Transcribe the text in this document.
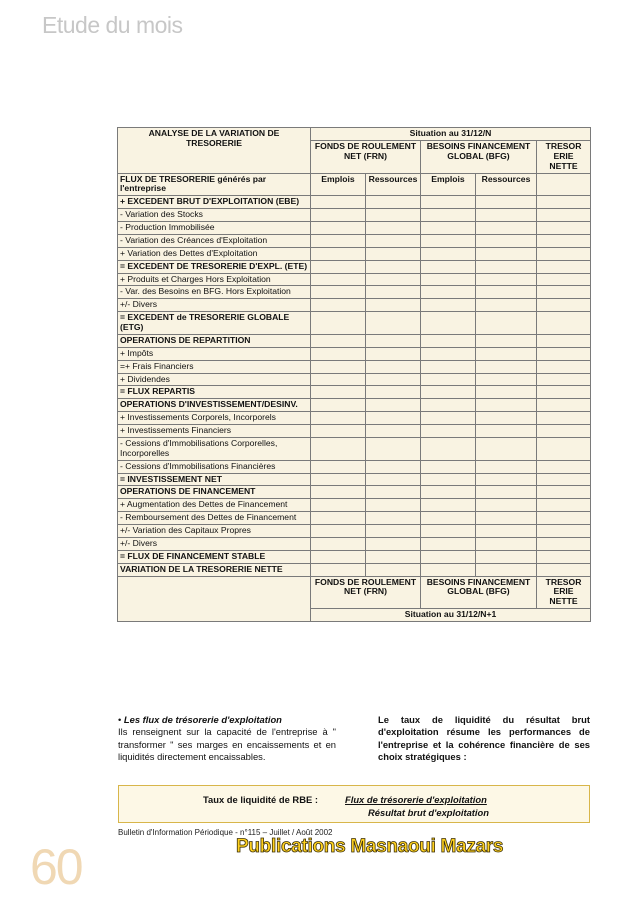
Etude du mois
ANALYSE DE LA VARIATION DE TRESORERIE	Situation au 31/12/N				
	FONDS DE ROULEMENT NET (FRN)		BESOINS FINANCEMENT GLOBAL (BFG)		TRESOR ERIE NETTE
FLUX DE TRESORERIE générés par l'entreprise	Emplois	Ressources	Emplois	Ressources	
+ EXCEDENT BRUT D'EXPLOITATION (EBE)					
- Variation des Stocks					
- Production Immobilisée					
- Variation des Créances d'Exploitation					
+ Variation des Dettes d'Exploitation					
= EXCEDENT DE TRESORERIE D'EXPL. (ETE)					
+ Produits et Charges Hors Exploitation					
- Var. des Besoins en BFG. Hors Exploitation					
+/- Divers					
= EXCEDENT de TRESORERIE GLOBALE (ETG)					
OPERATIONS DE REPARTITION					
+ Impôts					
=+ Frais Financiers					
+ Dividendes					
= FLUX REPARTIS					
OPERATIONS D'INVESTISSEMENT/DESINV.					
+ Investissements Corporels, Incorporels					
+ Investissements Financiers					
- Cessions d'Immobilisations Corporelles, Incorporelles					
- Cessions d'Immobilisations Financières					
= INVESTISSEMENT NET					
OPERATIONS DE FINANCEMENT					
+ Augmentation des Dettes de Financement					
- Remboursement des Dettes de Financement					
+/- Variation des Capitaux Propres					
+/- Divers					
= FLUX DE FINANCEMENT STABLE					
VARIATION DE LA TRESORERIE NETTE					
	FONDS DE ROULEMENT NET (FRN)		BESOINS FINANCEMENT GLOBAL (BFG)		TRESOR ERIE NETTE
	Situation au 31/12/N+1				
• Les flux de trésorerie d'exploitation
Ils renseignent sur la capacité de l'entreprise à " transformer " ses marges en encaissements et en liquidités directement encaissables.
Le taux de liquidité du résultat brut d'exploitation résume les performances de l'entreprise et la cohérence financière de ses choix stratégiques :
Taux de liquidité de RBE :	Flux de trésorerie d'exploitation
Résultat brut d'exploitation
Bulletin d'Information Périodique - n°115 – Juillet / Août 2002
60	Publications Masnaoui Mazars
